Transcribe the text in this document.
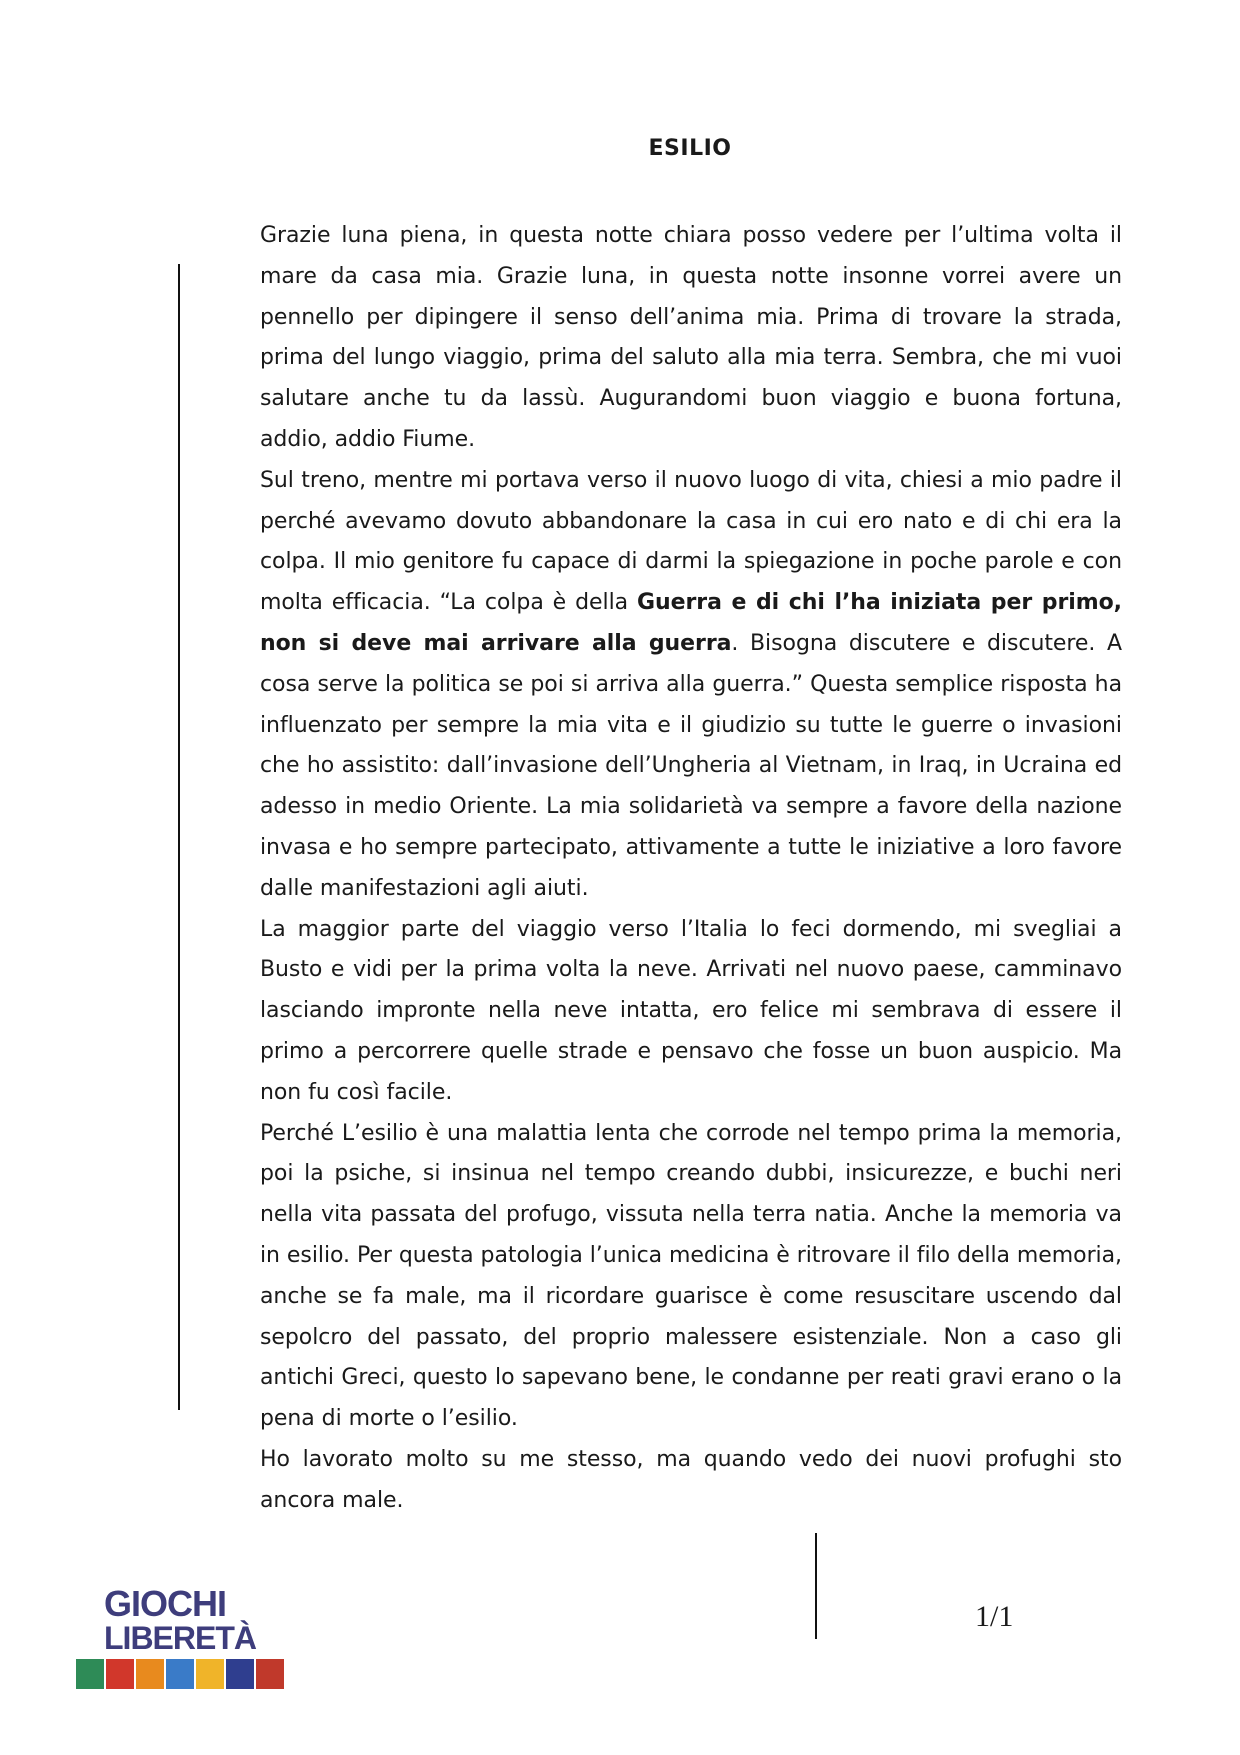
ESILIO

Grazie luna piena, in questa notte chiara posso vedere per l’ultima volta il mare da casa mia. Grazie luna, in questa notte insonne vorrei avere un pennello per dipingere il senso dell’anima mia. Prima di trovare la strada, prima del lungo viaggio, prima del saluto alla mia terra. Sembra, che mi vuoi salutare anche tu da lassù. Augurandomi buon viaggio e buona fortuna, addio, addio Fiume.

Sul treno, mentre mi portava verso il nuovo luogo di vita, chiesi a mio padre il perché avevamo dovuto abbandonare la casa in cui ero nato e di chi era la colpa. Il mio genitore fu capace di darmi la spiegazione in poche parole e con molta efficacia. “La colpa è della Guerra e di chi l’ha iniziata per primo, non si deve mai arrivare alla guerra. Bisogna discutere e discutere. A cosa serve la politica se poi si arriva alla guerra.” Questa semplice risposta ha influenzato per sempre la mia vita e il giudizio su tutte le guerre o invasioni che ho assistito: dall’invasione dell’Ungheria al Vietnam, in Iraq, in Ucraina ed adesso in medio Oriente. La mia solidarietà va sempre a favore della nazione invasa e ho sempre partecipato, attivamente a tutte le iniziative a loro favore dalle manifestazioni agli aiuti.

La maggior parte del viaggio verso l’Italia lo feci dormendo, mi svegliai a Busto e vidi per la prima volta la neve. Arrivati nel nuovo paese, camminavo lasciando impronte nella neve intatta, ero felice mi sembrava di essere il primo a percorrere quelle strade e pensavo che fosse un buon auspicio. Ma non fu così facile.

Perché L’esilio è una malattia lenta che corrode nel tempo prima la memoria, poi la psiche, si insinua nel tempo creando dubbi, insicurezze, e buchi neri nella vita passata del profugo, vissuta nella terra natia. Anche la memoria va in esilio. Per questa patologia l’unica medicina è ritrovare il filo della memoria, anche se fa male, ma il ricordare guarisce è come resuscitare uscendo dal sepolcro del passato, del proprio malessere esistenziale. Non a caso gli antichi Greci, questo lo sapevano bene, le condanne per reati gravi erano o la pena di morte o l’esilio.

Ho lavorato molto su me stesso, ma quando vedo dei nuovi profughi sto ancora male.

GIOCHI
LIBERETÀ
1/1
